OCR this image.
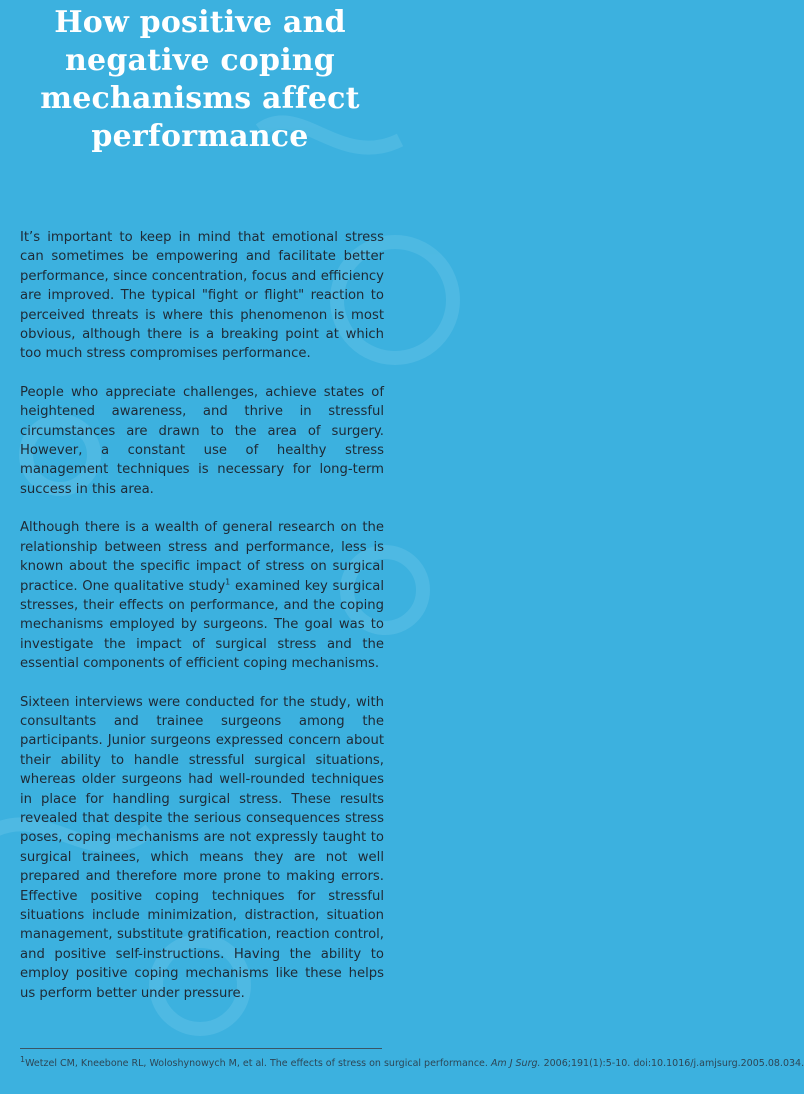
How positive and negative coping mechanisms affect performance

It’s important to keep in mind that emotional stress can sometimes be empowering and facilitate better performance, since concentration, focus and efficiency are improved. The typical "fight or flight" reaction to perceived threats is where this phenomenon is most obvious, although there is a breaking point at which too much stress compromises performance.

People who appreciate challenges, achieve states of heightened awareness, and thrive in stressful circumstances are drawn to the area of surgery. However, a constant use of healthy stress management techniques is necessary for long-term success in this area.

Although there is a wealth of general research on the relationship between stress and performance, less is known about the specific impact of stress on surgical practice. One qualitative study$^1$ examined key surgical stresses, their effects on performance, and the coping mechanisms employed by surgeons. The goal was to investigate the impact of surgical stress and the essential components of efficient coping mechanisms.

Sixteen interviews were conducted for the study, with consultants and trainee surgeons among the participants. Junior surgeons expressed concern about their ability to handle stressful surgical situations, whereas older surgeons had well-rounded techniques in place for handling surgical stress. These results revealed that despite the serious consequences stress poses, coping mechanisms are not expressly taught to surgical trainees, which means they are not well prepared and therefore more prone to making errors. Effective positive coping techniques for stressful situations include minimization, distraction, situation management, substitute gratification, reaction control, and positive self-instructions. Having the ability to employ positive coping mechanisms like these helps us perform better under pressure.

$^1$Wetzel CM, Kneebone RL, Woloshynowych M, et al. The effects of stress on surgical performance. Am J Surg. 2006;191(1):5-10. doi:10.1016/j.amjsurg.2005.08.034.
